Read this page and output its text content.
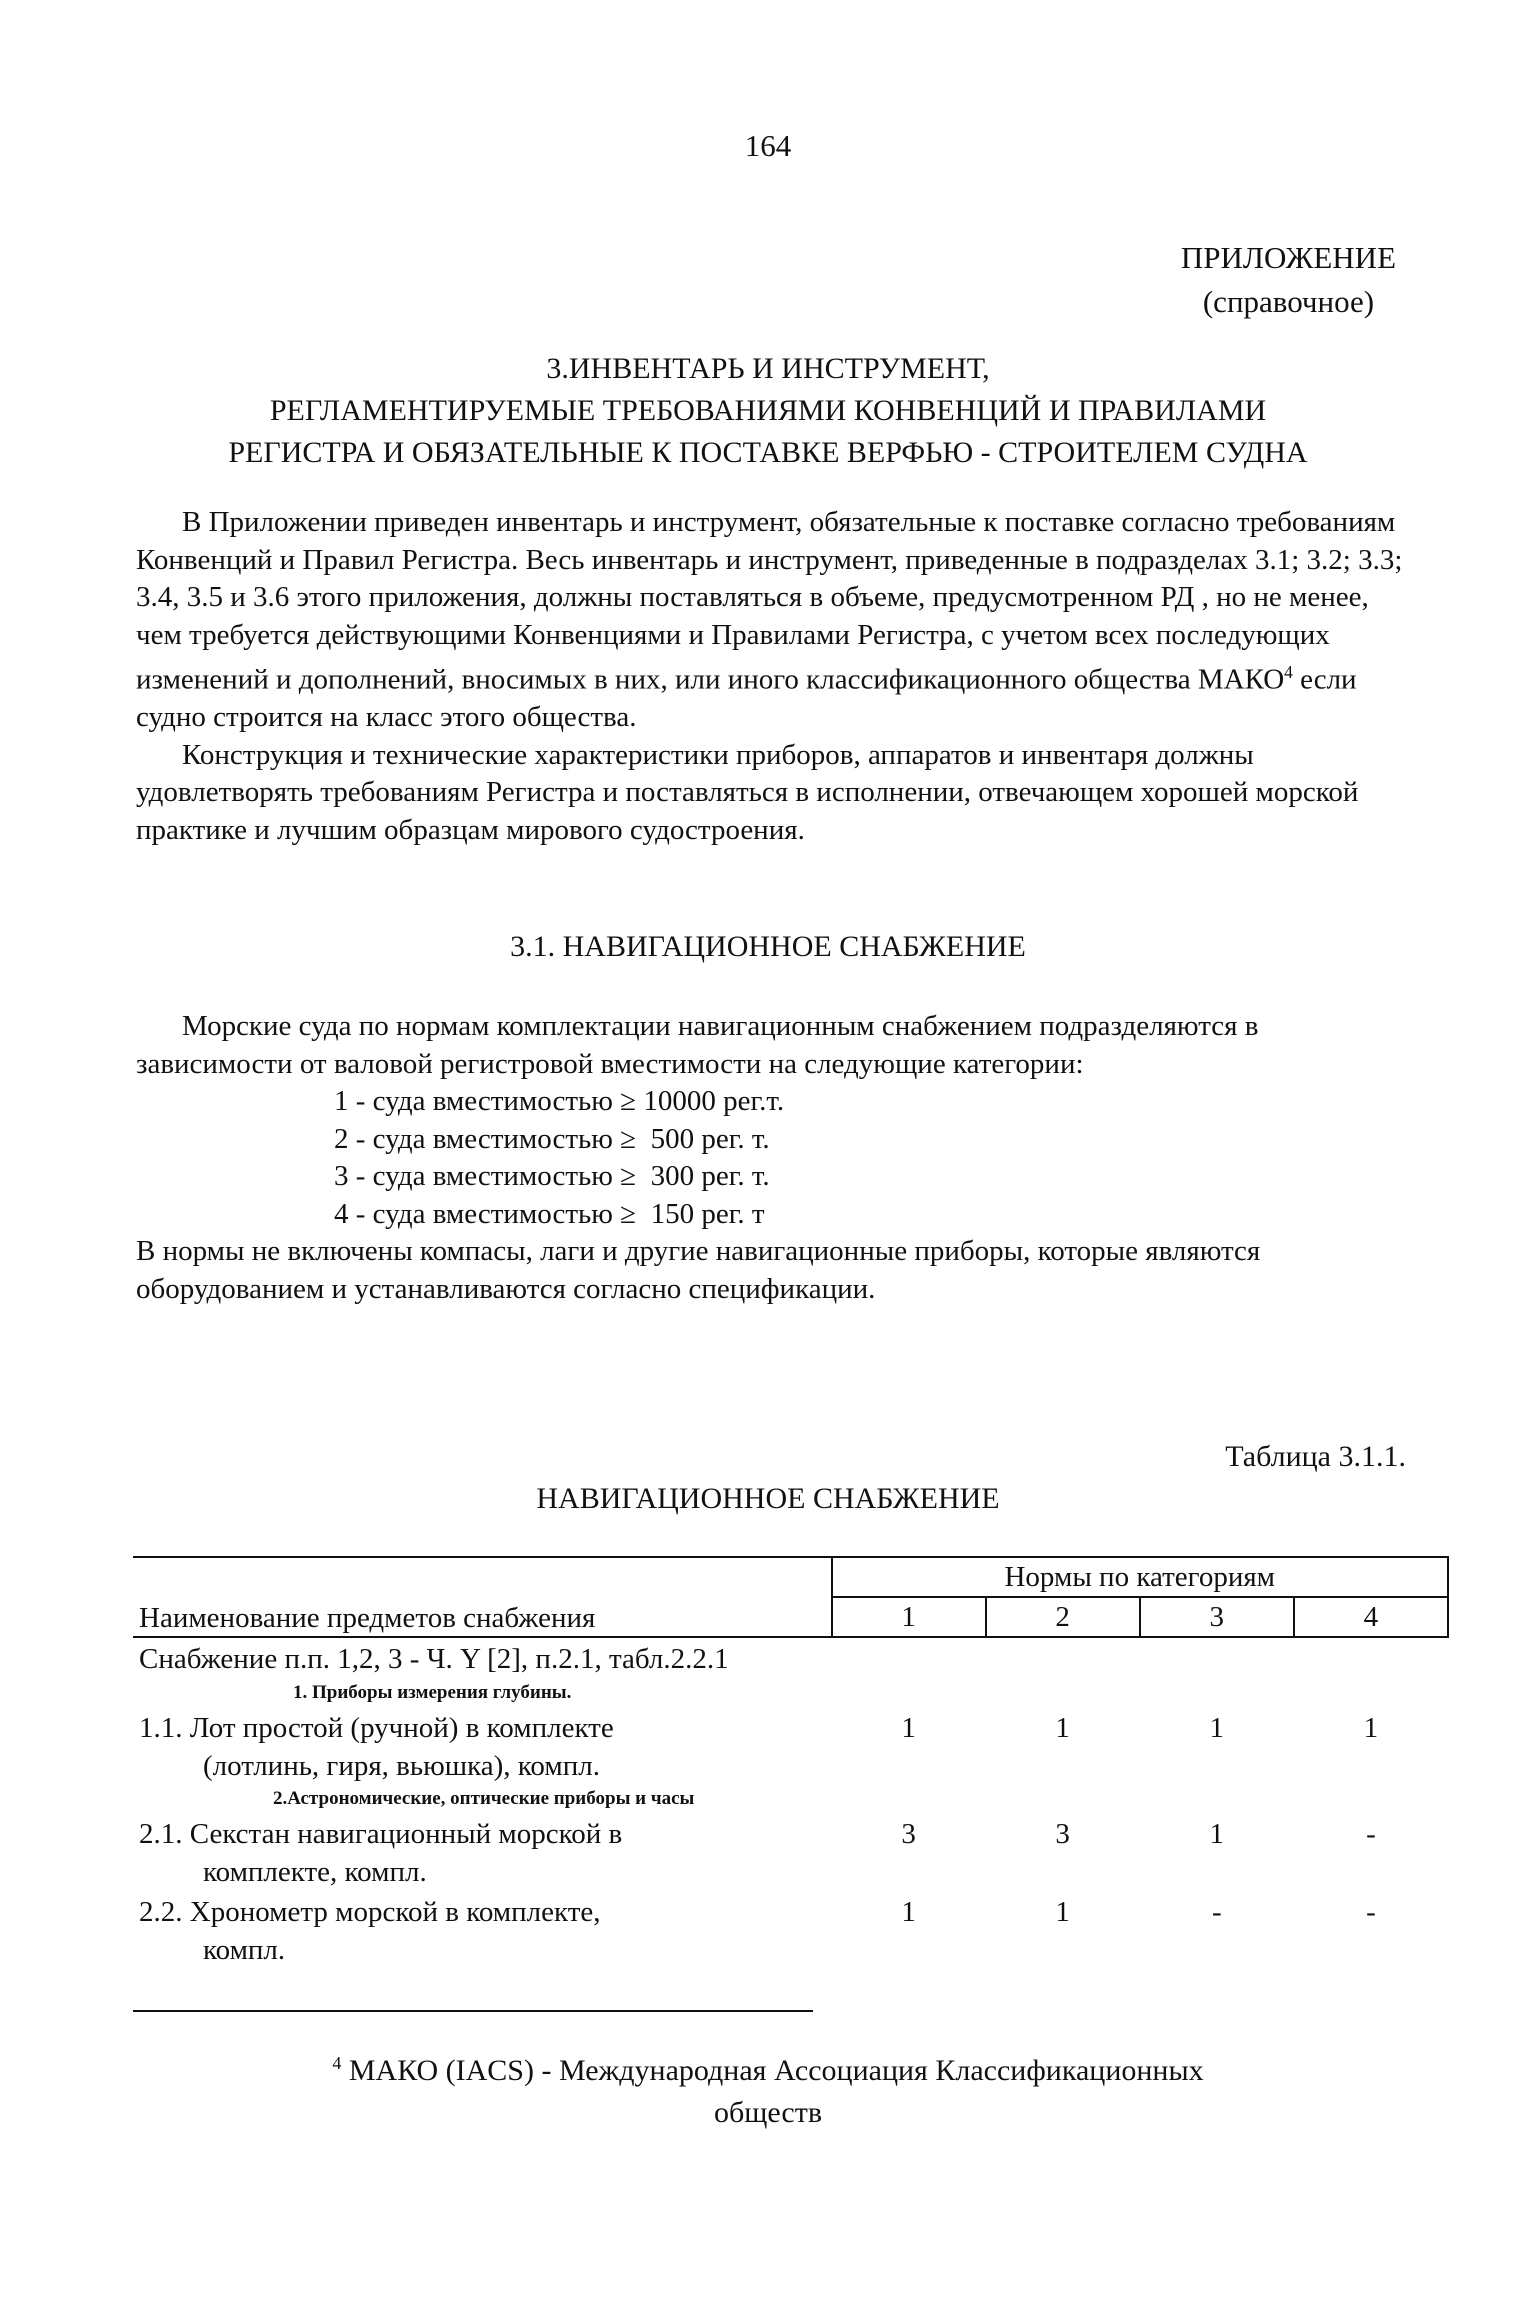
164
ПРИЛОЖЕНИЕ
(справочное)
3.ИНВЕНТАРЬ И ИНСТРУМЕНТ,
РЕГЛАМЕНТИРУЕМЫЕ ТРЕБОВАНИЯМИ КОНВЕНЦИЙ И ПРАВИЛАМИ
РЕГИСТРА И ОБЯЗАТЕЛЬНЫЕ К ПОСТАВКЕ ВЕРФЬЮ - СТРОИТЕЛЕМ СУДНА

В Приложении приведен инвентарь и инструмент, обязательные к поставке согласно требованиям Конвенций и Правил Регистра. Весь инвентарь и инструмент, приведенные в подразделах 3.1; 3.2; 3.3; 3.4, 3.5 и 3.6 этого приложения, должны поставляться в объеме, предусмотренном РД , но не менее, чем требуется действующими Конвенциями и Правилами Регистра, с учетом всех последующих изменений и дополнений, вносимых в них, или иного классификационного общества МАКО$^4$ если судно строится на класс этого общества.

Конструкция и технические характеристики приборов, аппаратов и инвентаря должны удовлетворять требованиям Регистра и поставляться в исполнении, отвечающем хорошей морской практике и лучшим образцам мирового судостроения.

3.1. НАВИГАЦИОННОЕ СНАБЖЕНИЕ

Морские суда по нормам комплектации навигационным снабжением подразделяются в зависимости от валовой регистровой вместимости на следующие категории:

1 - суда вместимостью ≥ 10000 рег.т.
2 - суда вместимостью ≥  500 рег. т.
3 - суда вместимостью ≥  300 рег. т.
4 - суда вместимостью ≥  150 рег. т

В нормы не включены компасы, лаги и другие навигационные приборы, которые являются оборудованием и устанавливаются согласно спецификации.

Таблица 3.1.1.
НАВИГАЦИОННОЕ СНАБЖЕНИЕ
Наименование предметов снабжения	Нормы по категориям			
	1	2	3	4
Снабжение п.п. 1,2, 3 - Ч. Y [2], п.2.1, табл.2.2.1				
1. Приборы измерения глубины.				
1.1. Лот простой (ручной) в комплекте
(лотлинь, гиря, вьюшка), компл.	1	1	1	1
2.Астрономические, оптические приборы и часы				
2.1. Секстан навигационный морской в
комплекте, компл.	3	3	1	-
2.2. Хронометр морской в комплекте,
компл.	1	1	-	-
$^4$ МАКО (IACS) - Международная Ассоциация Классификационных
обществ
